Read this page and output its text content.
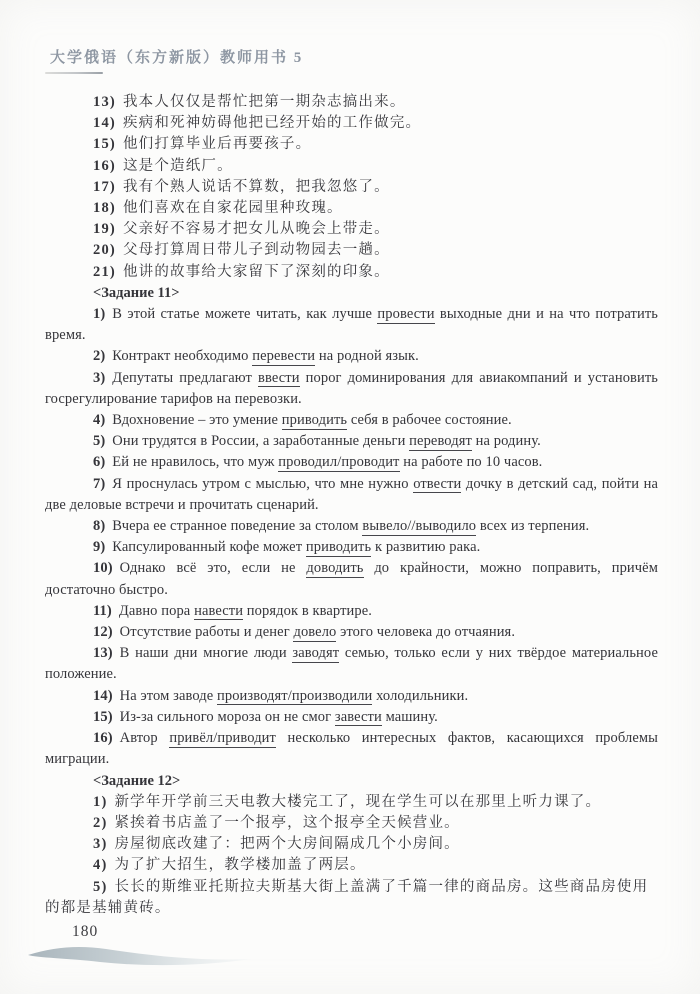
大学俄语（东方新版）教师用书 5

13) 我本人仅仅是帮忙把第一期杂志搞出来。

14) 疾病和死神妨碍他把已经开始的工作做完。

15) 他们打算毕业后再要孩子。

16) 这是个造纸厂。

17) 我有个熟人说话不算数，把我忽悠了。

18) 他们喜欢在自家花园里种玫瑰。

19) 父亲好不容易才把女儿从晚会上带走。

20) 父母打算周日带儿子到动物园去一趟。

21) 他讲的故事给大家留下了深刻的印象。

<Задание 11>

1) В этой статье можете читать, как лучше провести выходные дни и на что потратить время.

2) Контракт необходимо перевести на родной язык.

3) Депутаты предлагают ввести порог доминирования для авиакомпаний и установить госрегулирование тарифов на перевозки.

4) Вдохновение – это умение приводить себя в рабочее состояние.

5) Они трудятся в России, а заработанные деньги переводят на родину.

6) Ей не нравилось, что муж проводил/проводит на работе по 10 часов.

7) Я проснулась утром с мыслью, что мне нужно отвести дочку в детский сад, пойти на две деловые встречи и прочитать сценарий.

8) Вчера ее странное поведение за столом вывело//выводило всех из терпения.

9) Капсулированный кофе может приводить к развитию рака.

10) Однако всё это, если не доводить до крайности, можно поправить, причём достаточно быстро.

11) Давно пора навести порядок в квартире.

12) Отсутствие работы и денег довело этого человека до отчаяния.

13) В наши дни многие люди заводят семью, только если у них твёрдое материальное положение.

14) На этом заводе производят/производили холодильники.

15) Из-за сильного мороза он не смог завести машину.

16) Автор привёл/приводит несколько интересных фактов, касающихся проблемы миграции.

<Задание 12>

1) 新学年开学前三天电教大楼完工了，现在学生可以在那里上听力课了。

2) 紧挨着书店盖了一个报亭，这个报亭全天候营业。

3) 房屋彻底改建了：把两个大房间隔成几个小房间。

4) 为了扩大招生，教学楼加盖了两层。

5) 长长的斯维亚托斯拉夫斯基大街上盖满了千篇一律的商品房。这些商品房使用的都是基辅黄砖。

180
